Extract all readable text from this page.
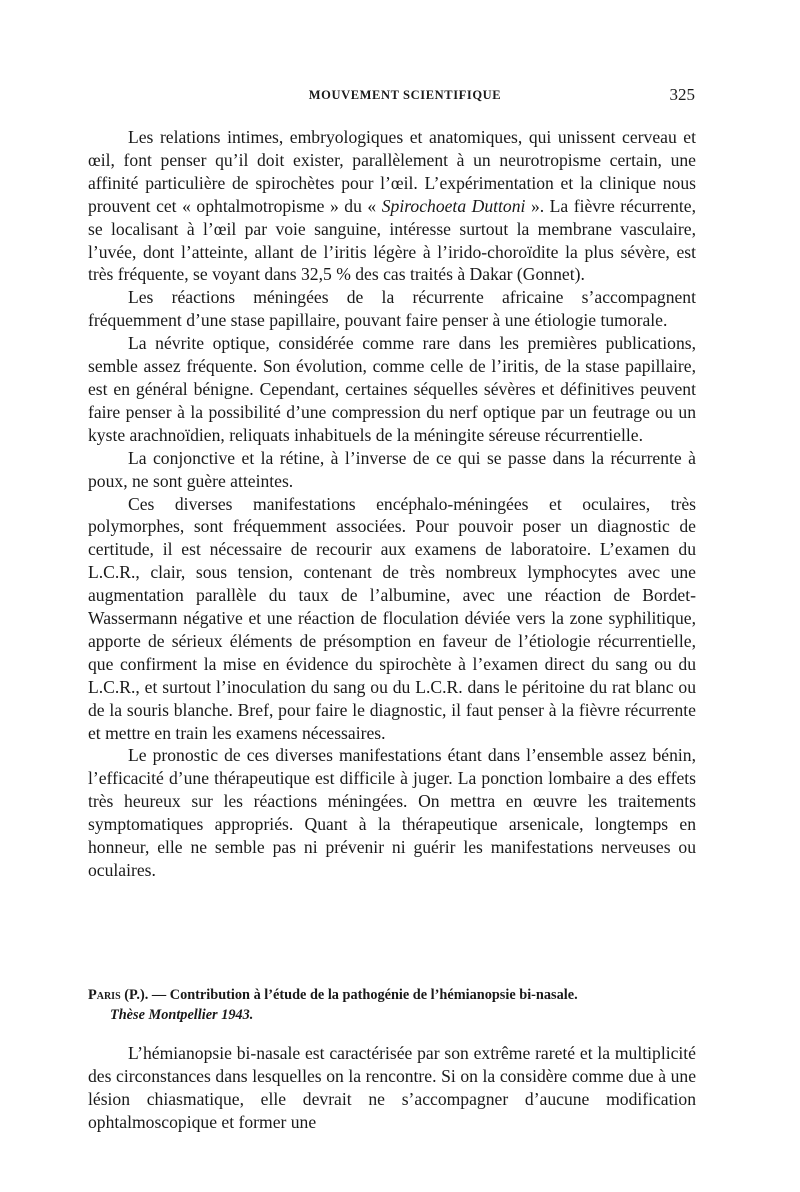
MOUVEMENT SCIENTIFIQUE	325

Les relations intimes, embryologiques et anatomiques, qui unissent cerveau et œil, font penser qu’il doit exister, parallèlement à un neurotropisme certain, une affinité particulière de spirochètes pour l’œil. L’expérimentation et la clinique nous prouvent cet « ophtalmotropisme » du « Spirochoeta Duttoni ». La fièvre récurrente, se localisant à l’œil par voie sanguine, intéresse surtout la membrane vasculaire, l’uvée, dont l’atteinte, allant de l’iritis légère à l’irido-choroïdite la plus sévère, est très fréquente, se voyant dans 32,5 % des cas traités à Dakar (Gonnet).

Les réactions méningées de la récurrente africaine s’accompagnent fréquemment d’une stase papillaire, pouvant faire penser à une étiologie tumorale.

La névrite optique, considérée comme rare dans les premières publications, semble assez fréquente. Son évolution, comme celle de l’iritis, de la stase papillaire, est en général bénigne. Cependant, certaines séquelles sévères et définitives peuvent faire penser à la possibilité d’une compression du nerf optique par un feutrage ou un kyste arachnoïdien, reliquats inhabituels de la méningite séreuse récurrentielle.

La conjonctive et la rétine, à l’inverse de ce qui se passe dans la récurrente à poux, ne sont guère atteintes.

Ces diverses manifestations encéphalo-méningées et oculaires, très polymorphes, sont fréquemment associées. Pour pouvoir poser un diagnostic de certitude, il est nécessaire de recourir aux examens de laboratoire. L’examen du L.C.R., clair, sous tension, contenant de très nombreux lymphocytes avec une augmentation parallèle du taux de l’albumine, avec une réaction de Bordet-Wassermann négative et une réaction de floculation déviée vers la zone syphilitique, apporte de sérieux éléments de présomption en faveur de l’étiologie récurrentielle, que confirment la mise en évidence du spirochète à l’examen direct du sang ou du L.C.R., et surtout l’inoculation du sang ou du L.C.R. dans le péritoine du rat blanc ou de la souris blanche. Bref, pour faire le diagnostic, il faut penser à la fièvre récurrente et mettre en train les examens nécessaires.

Le pronostic de ces diverses manifestations étant dans l’ensemble assez bénin, l’efficacité d’une thérapeutique est difficile à juger. La ponction lombaire a des effets très heureux sur les réactions méningées. On mettra en œuvre les traitements symptomatiques appropriés. Quant à la thérapeutique arsenicale, longtemps en honneur, elle ne semble pas ni prévenir ni guérir les manifestations nerveuses ou oculaires.

Paris (P.). — Contribution à l’étude de la pathogénie de l’hémianopsie bi-nasale.
Thèse Montpellier 1943.

L’hémianopsie bi-nasale est caractérisée par son extrême rareté et la multiplicité des circonstances dans lesquelles on la rencontre. Si on la considère comme due à une lésion chiasmatique, elle devrait ne s’accompagner d’aucune modification ophtalmoscopique et former une
